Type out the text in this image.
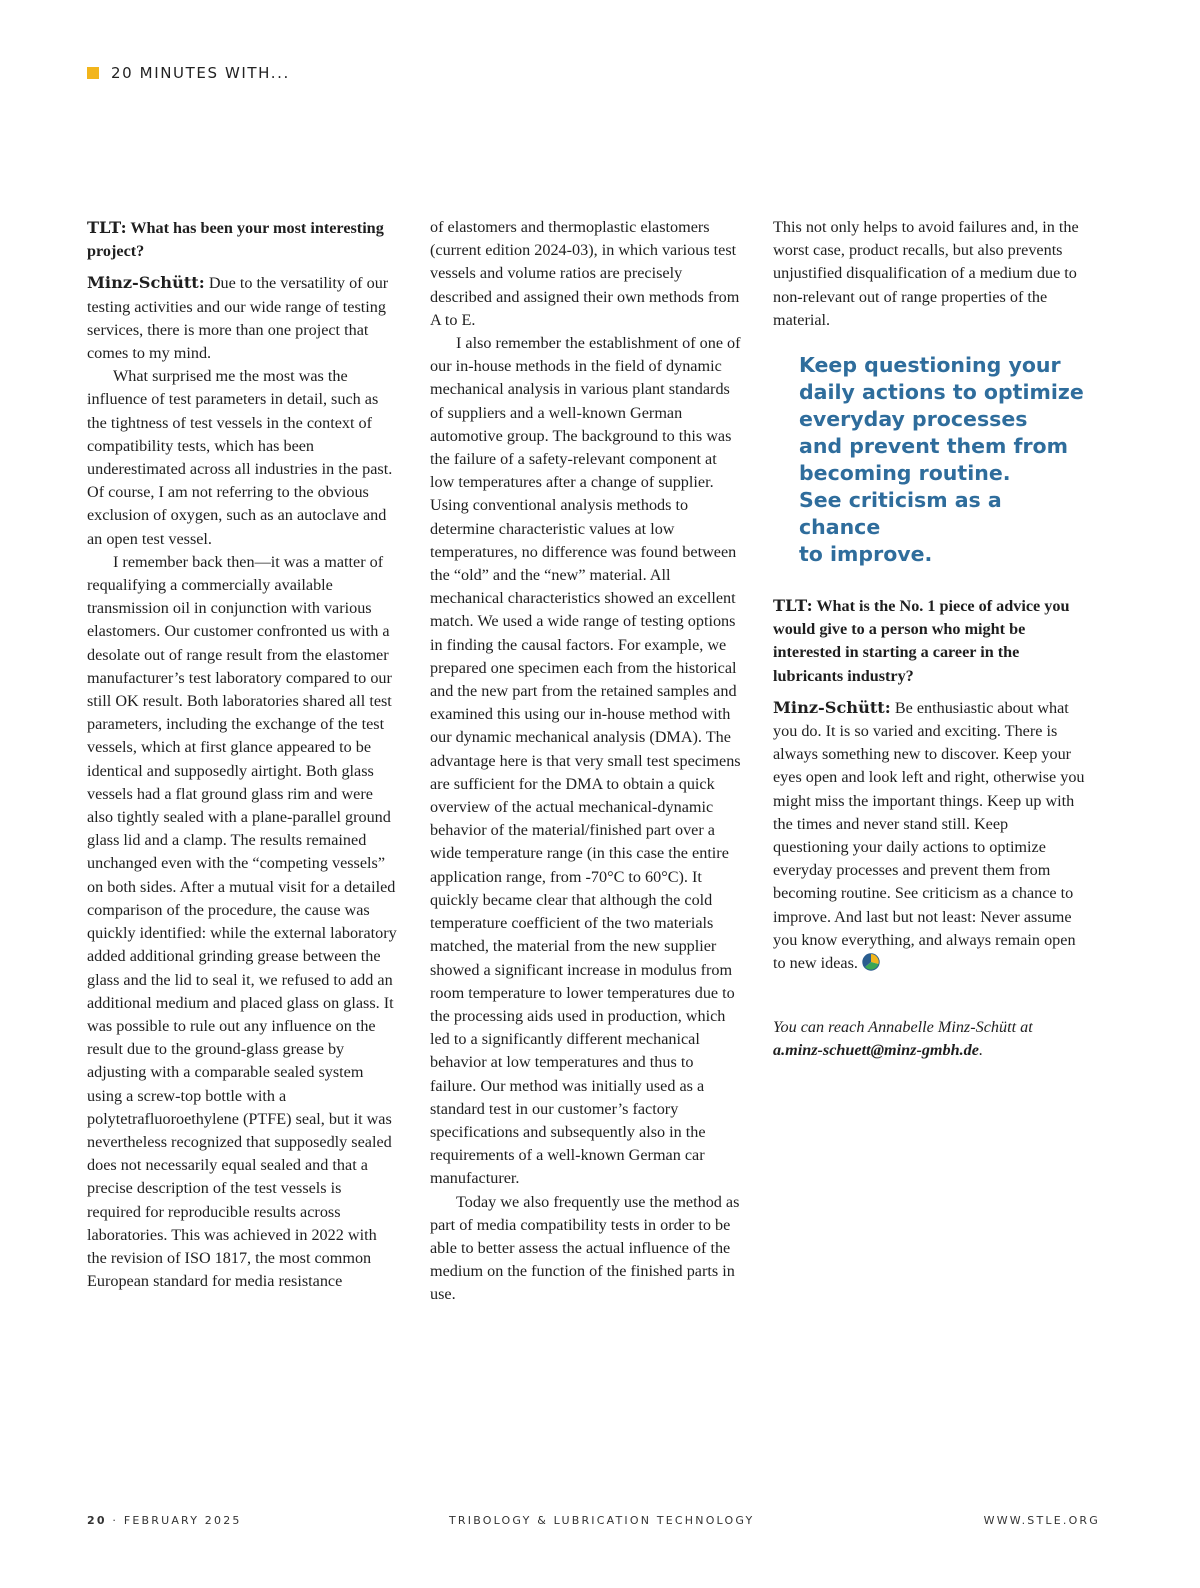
20 MINUTES WITH...

TLT: What has been your most interesting project?

Minz-Schütt: Due to the versatility of our testing activities and our wide range of testing services, there is more than one project that comes to my mind.

What surprised me the most was the influence of test parameters in detail, such as the tightness of test vessels in the context of compatibility tests, which has been underestimated across all industries in the past. Of course, I am not referring to the obvious exclusion of oxygen, such as an autoclave and an open test vessel.

I remember back then—it was a matter of requalifying a commercially available transmission oil in conjunction with various elastomers. Our customer confronted us with a desolate out of range result from the elastomer manufacturer’s test laboratory compared to our still OK result. Both laboratories shared all test parameters, including the exchange of the test vessels, which at first glance appeared to be identical and supposedly airtight. Both glass vessels had a flat ground glass rim and were also tightly sealed with a plane-parallel ground glass lid and a clamp. The results remained unchanged even with the “competing vessels” on both sides. After a mutual visit for a detailed comparison of the procedure, the cause was quickly identified: while the external laboratory added additional grinding grease between the glass and the lid to seal it, we refused to add an additional medium and placed glass on glass. It was possible to rule out any influence on the result due to the ground-glass grease by adjusting with a comparable sealed system using a screw-top bottle with a polytetrafluoroethylene (PTFE) seal, but it was nevertheless recognized that supposedly sealed does not necessarily equal sealed and that a precise description of the test vessels is required for reproducible results across laboratories. This was achieved in 2022 with the revision of ISO 1817, the most common European standard for media resistance

of elastomers and thermoplastic elastomers (current edition 2024-03), in which various test vessels and volume ratios are precisely described and assigned their own methods from A to E.

I also remember the establishment of one of our in-house methods in the field of dynamic mechanical analysis in various plant standards of suppliers and a well-known German automotive group. The background to this was the failure of a safety-relevant component at low temperatures after a change of supplier. Using conventional analysis methods to determine characteristic values at low temperatures, no difference was found between the “old” and the “new” material. All mechanical characteristics showed an excellent match. We used a wide range of testing options in finding the causal factors. For example, we prepared one specimen each from the historical and the new part from the retained samples and examined this using our in-house method with our dynamic mechanical analysis (DMA). The advantage here is that very small test specimens are sufficient for the DMA to obtain a quick overview of the actual mechanical-dynamic behavior of the material/finished part over a wide temperature range (in this case the entire application range, from -70°C to 60°C). It quickly became clear that although the cold temperature coefficient of the two materials matched, the material from the new supplier showed a significant increase in modulus from room temperature to lower temperatures due to the processing aids used in production, which led to a significantly different mechanical behavior at low temperatures and thus to failure. Our method was initially used as a standard test in our customer’s factory specifications and subsequently also in the requirements of a well-known German car manufacturer.

Today we also frequently use the method as part of media compatibility tests in order to be able to better assess the actual influence of the medium on the function of the finished parts in use.

This not only helps to avoid failures and, in the worst case, product recalls, but also prevents unjustified disqualification of a medium due to non-relevant out of range properties of the material.

Keep questioning your
daily actions to optimize
everyday processes
and prevent them from
becoming routine.
See criticism as a chance
to improve.

TLT: What is the No. 1 piece of advice you would give to a person who might be interested in starting a career in the lubricants industry?

Minz-Schütt: Be enthusiastic about what you do. It is so varied and exciting. There is always something new to discover. Keep your eyes open and look left and right, otherwise you might miss the important things. Keep up with the times and never stand still. Keep questioning your daily actions to optimize everyday processes and prevent them from becoming routine. See criticism as a chance to improve. And last but not least: Never assume you know everything, and always remain open to new ideas.

You can reach Annabelle Minz-Schütt at a.minz-schuett@minz-gmbh.de.

20 · FEBRUARY 2025	TRIBOLOGY & LUBRICATION TECHNOLOGY	WWW.STLE.ORG
